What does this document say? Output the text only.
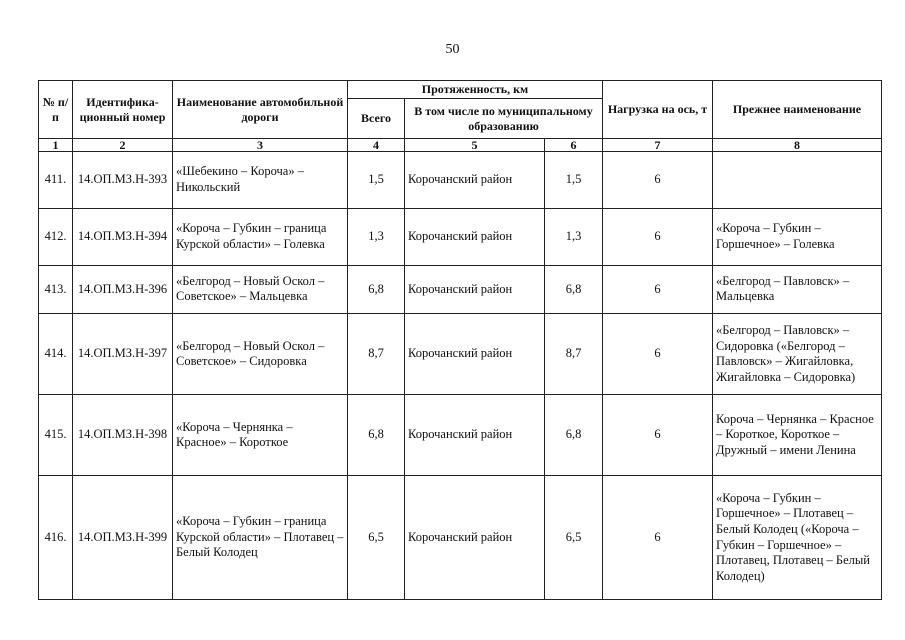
50
№ п/п	Идентифика-ционный номер	Наименование автомобильной дороги	Протяженность, км			Нагрузка на ось, т	Прежнее наименование
			Всего	В том числе по муниципальному образованию			

1	2	3	4	5	6	7	8
411.	14.ОП.МЗ.Н-393	«Шебекино – Короча» – Никольский	1,5	Корочанский район	1,5	6	
412.	14.ОП.МЗ.Н-394	«Короча – Губкин – граница Курской области» – Голевка	1,3	Корочанский район	1,3	6	«Короча – Губкин – Горшечное» – Голевка
413.	14.ОП.МЗ.Н-396	«Белгород – Новый Оскол – Советское» – Мальцевка	6,8	Корочанский район	6,8	6	«Белгород – Павловск» – Мальцевка
414.	14.ОП.МЗ.Н-397	«Белгород – Новый Оскол – Советское» – Сидоровка	8,7	Корочанский район	8,7	6	«Белгород – Павловск» – Сидоровка («Белгород – Павловск» – Жигайловка, Жигайловка – Сидоровка)
415.	14.ОП.МЗ.Н-398	«Короча – Чернянка – Красное» – Короткое	6,8	Корочанский район	6,8	6	Короча – Чернянка – Красное – Короткое, Короткое – Дружный – имени Ленина
416.	14.ОП.МЗ.Н-399	«Короча – Губкин – граница Курской области» – Плотавец – Белый Колодец	6,5	Корочанский район	6,5	6	«Короча – Губкин – Горшечное» – Плотавец – Белый Колодец («Короча – Губкин – Горшечное» – Плотавец, Плотавец – Белый Колодец)
